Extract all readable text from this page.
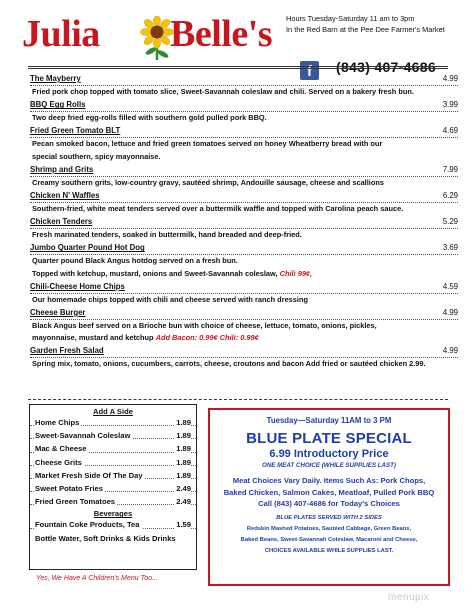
Julia Belle's Hours Tuesday-Saturday 11 am to 3pm
In the Red Barn at the Pee Dee Farmer's Market
f	(843) 407-4686
The Mayberry	4.99
Fried pork chop topped with tomato slice, Sweet-Savannah coleslaw and chili. Served on a bakery fresh bun.
BBQ Egg Rolls	3.99
Two deep fried egg-rolls filled with southern gold pulled pork BBQ.
Fried Green Tomato BLT	4.69
Pecan smoked bacon, lettuce and fried green tomatoes served on honey Wheatberry bread with our
special southern, spicy mayonnaise.
Shrimp and Grits	7.99
Creamy southern grits, low-country gravy, sautéed shrimp, Andouille sausage, cheese and scallions
Chicken N' Waffles	6.29
Southern-fried, white meat tenders served over a buttermilk waffle and topped with Carolina peach sauce.
Chicken Tenders	5.29
Fresh marinated tenders, soaked in buttermilk, hand breaded and deep-fried.
Jumbo Quarter Pound Hot Dog	3.69
Quarter pound Black Angus hotdog served on a fresh bun.
Topped with ketchup, mustard, onions and Sweet-Savannah coleslaw, Chili 99¢,
Chili-Cheese Home Chips	4.59
Our homemade chips topped with chili and cheese served with ranch dressing
Cheese Burger	4.99
Black Angus beef served on a Brioche bun with choice of cheese, lettuce, tomato, onions, pickles,
mayonnaise, mustard and ketchup Add Bacon: 0.99¢ Chili: 0.99¢
Garden Fresh Salad	4.99
Spring mix, tomato, onions, cucumbers, carrots, cheese, croutons and bacon Add fried or sautéed chicken 2.99.
Add A Side
Home Chips	1.89
Sweet-Savannah Coleslaw	1.89
Mac & Cheese	1.89
Cheese Grits	1.89
Market Fresh Side Of The Day	1.89
Sweet Potato Fries	2.49
Fried Green Tomatoes	2.49
Beverages
Fountain Coke Products, Tea	1.59
Bottle Water, Soft Drinks & Kids Drinks
Yes, We Have A Children's Menu Too...
Tuesday—Saturday 11AM to 3 PM
BLUE PLATE SPECIAL
6.99 Introductory Price
ONE MEAT CHOICE (WHILE SUPPLIES LAST)
Meat Choices Vary Daily. Items Such As: Pork Chops,
Baked Chicken, Salmon Cakes, Meatloaf, Pulled Pork BBQ
Call (843) 407-4686 for Today's Choices
BLUE PLATES SERVED WITH 2 SIDES
Redskin Mashed Potatoes, Sautéed Cabbage, Green Beans,
Baked Beans, Sweet-Savannah Coleslaw, Macaroni and Cheese,
CHOICES AVAILABLE WHILE SUPPLIES LAST.
menupix
